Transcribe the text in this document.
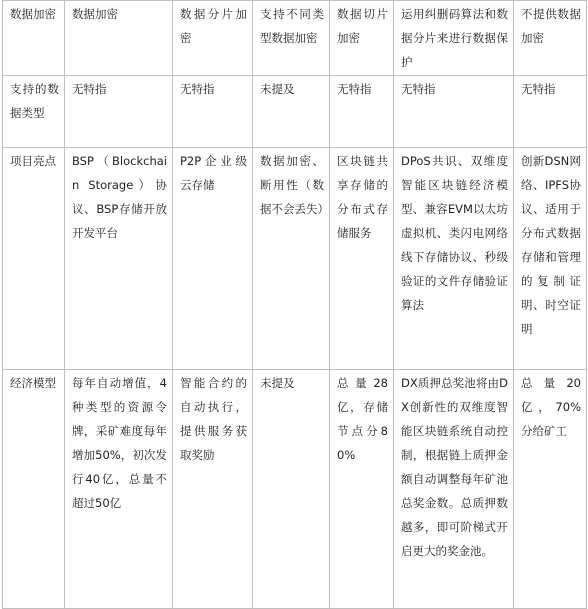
数据加密	数据加密	数据分片加密	支持不同类型数据加密	数据切片加密	运用纠删码算法和数据分片来进行数据保护	不提供数据加密
支持的数据类型	无特指	无特指	未提及	无特指	无特指	无特指
项目亮点	BSP（Blockchain Storage）协议、BSP存储开放开发平台	P2P企业级云存储	数据加密、断用性（数据不会丢失）	区块链共享存储的分布式存储服务	DPoS共识、双维度智能区块链经济模型、兼容EVM以太坊虚拟机、类闪电网络线下存储协议、秒级验证的文件存储验证算法	创新DSN网络、IPFS协议、适用于分布式数据存储和管理的复制证明、时空证明
经济模型	每年自动增值，4种类型的资源令牌，采矿难度每年增加50%，初次发行40亿，总量不超过50亿	智能合约的自动执行，提供服务获取奖励	未提及	总量28亿，存储节点分80%	DX质押总奖池将由DX创新性的双维度智能区块链系统自动控制，根据链上质押金额自动调整每年矿池总奖金数。总质押数越多，即可阶梯式开启更大的奖金池。	总量20亿，70%分给矿工
